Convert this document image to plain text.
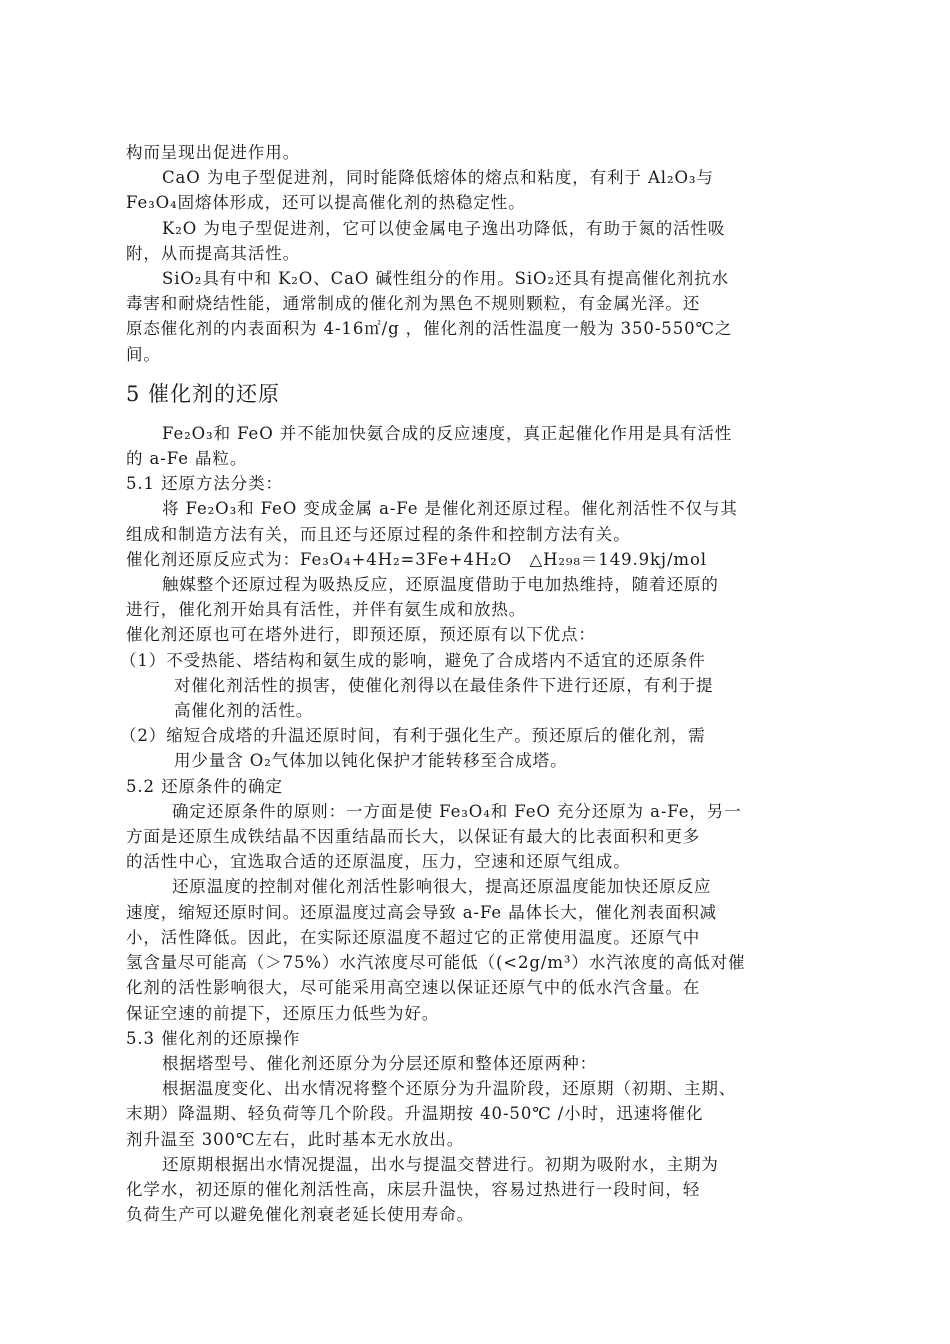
构而呈现出促进作用。

CaO 为电子型促进剂，同时能降低熔体的熔点和粘度，有利于 Al₂O₃与

Fe₃O₄固熔体形成，还可以提高催化剂的热稳定性。

K₂O 为电子型促进剂，它可以使金属电子逸出功降低，有助于氮的活性吸

附，从而提高其活性。

SiO₂具有中和 K₂O、CaO 碱性组分的作用。SiO₂还具有提高催化剂抗水

毒害和耐烧结性能，通常制成的催化剂为黑色不规则颗粒，有金属光泽。还

原态催化剂的内表面积为 4-16㎡/g ，催化剂的活性温度一般为 350-550℃之

间。

5 催化剂的还原

Fe₂O₃和 FeO 并不能加快氨合成的反应速度，真正起催化作用是具有活性

的 a-Fe 晶粒。

5.1 还原方法分类：

将 Fe₂O₃和 FeO 变成金属 a-Fe 是催化剂还原过程。催化剂活性不仅与其

组成和制造方法有关，而且还与还原过程的条件和控制方法有关。

催化剂还原反应式为：Fe₃O₄+4H₂=3Fe+4H₂O　△H₂₉₈＝149.9kj/mol

触媒整个还原过程为吸热反应，还原温度借助于电加热维持，随着还原的

进行，催化剂开始具有活性，并伴有氨生成和放热。

催化剂还原也可在塔外进行，即预还原，预还原有以下优点：

（1）不受热能、塔结构和氨生成的影响，避免了合成塔内不适宜的还原条件

对催化剂活性的损害，使催化剂得以在最佳条件下进行还原，有利于提

高催化剂的活性。

（2）缩短合成塔的升温还原时间，有利于强化生产。预还原后的催化剂，需

用少量含 O₂气体加以钝化保护才能转移至合成塔。

5.2 还原条件的确定

确定还原条件的原则：一方面是使 Fe₃O₄和 FeO 充分还原为 a-Fe，另一

方面是还原生成铁结晶不因重结晶而长大，以保证有最大的比表面积和更多

的活性中心，宜选取合适的还原温度，压力，空速和还原气组成。

还原温度的控制对催化剂活性影响很大，提高还原温度能加快还原反应

速度，缩短还原时间。还原温度过高会导致 a-Fe 晶体长大，催化剂表面积减

小，活性降低。因此，在实际还原温度不超过它的正常使用温度。还原气中

氢含量尽可能高（＞75%）水汽浓度尽可能低（(<2g/m³）水汽浓度的高低对催

化剂的活性影响很大，尽可能采用高空速以保证还原气中的低水汽含量。在

保证空速的前提下，还原压力低些为好。

5.3 催化剂的还原操作

根据塔型号、催化剂还原分为分层还原和整体还原两种：

根据温度变化、出水情况将整个还原分为升温阶段，还原期（初期、主期、

末期）降温期、轻负荷等几个阶段。升温期按 40-50℃ /小时，迅速将催化

剂升温至 300℃左右，此时基本无水放出。

还原期根据出水情况提温，出水与提温交替进行。初期为吸附水，主期为

化学水，初还原的催化剂活性高，床层升温快，容易过热进行一段时间，轻

负荷生产可以避免催化剂衰老延长使用寿命。
